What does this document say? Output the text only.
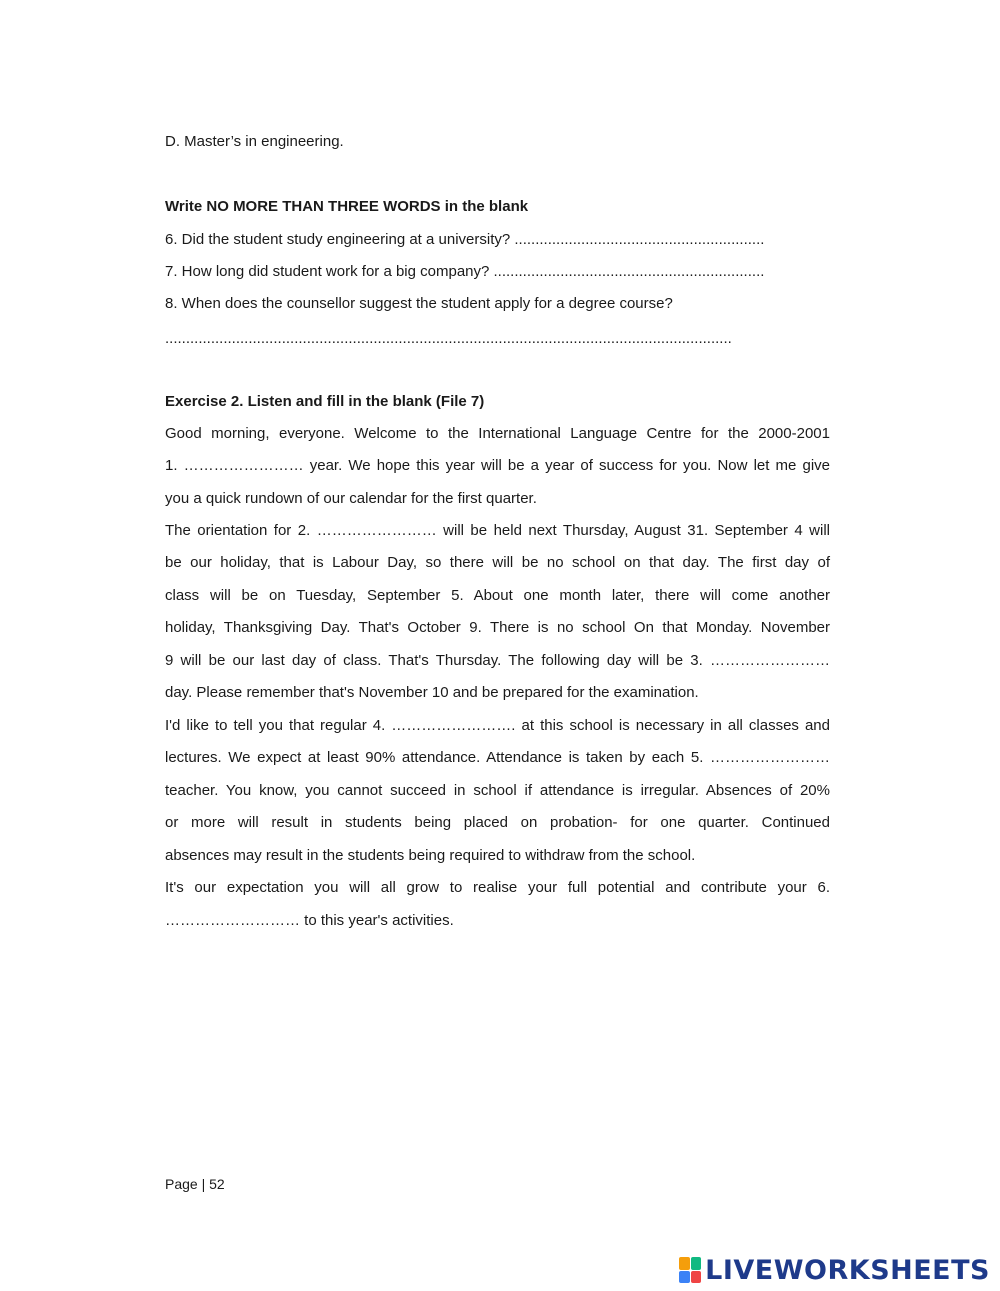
D. Master’s in engineering.
Write NO MORE THAN THREE WORDS in the blank
6. Did the student study engineering at a university? ............................................................
7. How long did student work for a big company? .................................................................
8. When does the counsellor suggest the student apply for a degree course?
........................................................................................................................................
Exercise 2. Listen and fill in the blank (File 7)
Good morning, everyone. Welcome to the International Language Centre for the 2000-2001
1. …………………… year. We hope this year will be a year of success for you. Now let me give
you a quick rundown of our calendar for the first quarter.
The orientation for 2. …………………… will be held next Thursday, August 31. September 4 will
be our holiday, that is Labour Day, so there will be no school on that day. The first day of
class will be on Tuesday, September 5. About one month later, there will come another
holiday, Thanksgiving Day. That's October 9. There is no school On that Monday. November
9 will be our last day of class. That's Thursday. The following day will be 3. ……………………
day. Please remember that's November 10 and be prepared for the examination.
I'd like to tell you that regular 4. ……………………. at this school is necessary in all classes and
lectures. We expect at least 90% attendance. Attendance is taken by each 5. ……………………
teacher. You know, you cannot succeed in school if attendance is irregular. Absences of 20%
or more will result in students being placed on probation- for one quarter. Continued
absences may result in the students being required to withdraw from the school.
It's our expectation you will all grow to realise your full potential and contribute your 6.
……………………… to this year's activities.
Page | 52
LIVEWORKSHEETS
